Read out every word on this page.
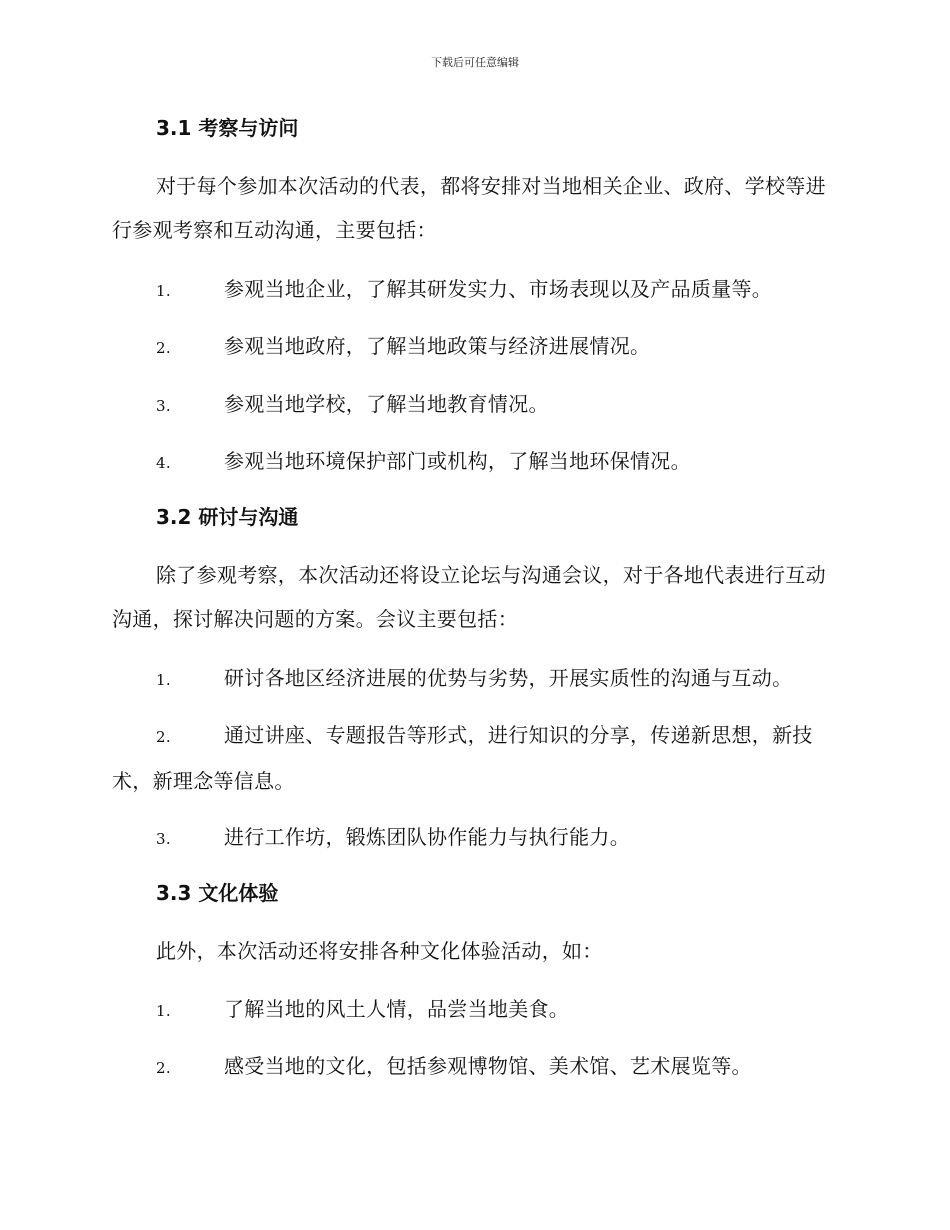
下载后可任意编辑
3.1 考察与访问
对于每个参加本次活动的代表，都将安排对当地相关企业、政府、学校等进行参观考察和互动沟通，主要包括：
1.	参观当地企业，了解其研发实力、市场表现以及产品质量等。
2.	参观当地政府，了解当地政策与经济进展情况。
3.	参观当地学校，了解当地教育情况。
4.	参观当地环境保护部门或机构，了解当地环保情况。
3.2 研讨与沟通
除了参观考察，本次活动还将设立论坛与沟通会议，对于各地代表进行互动沟通，探讨解决问题的方案。会议主要包括：
1.	研讨各地区经济进展的优势与劣势，开展实质性的沟通与互动。
2.	通过讲座、专题报告等形式，进行知识的分享，传递新思想，新技术，新理念等信息。
3.	进行工作坊，锻炼团队协作能力与执行能力。
3.3 文化体验
此外，本次活动还将安排各种文化体验活动，如：
1.	了解当地的风土人情，品尝当地美食。
2.	感受当地的文化，包括参观博物馆、美术馆、艺术展览等。
